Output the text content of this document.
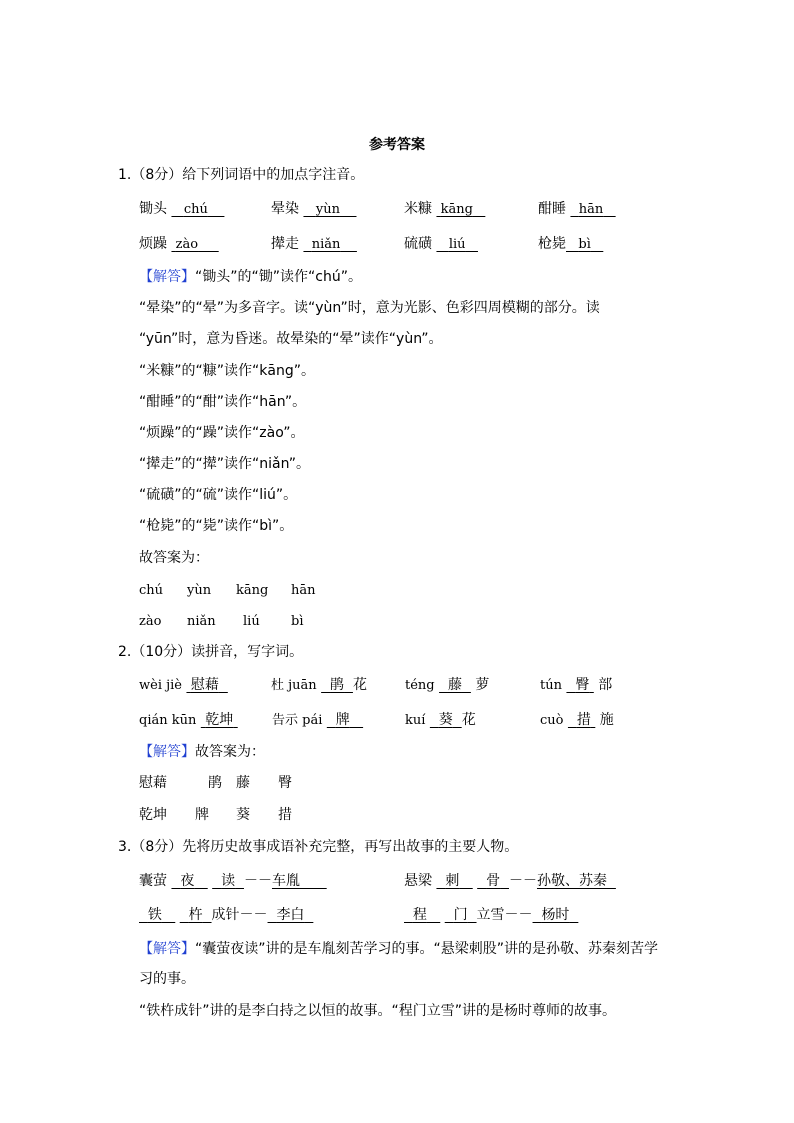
参考答案
1.（8分）给下列词语中的加点字注音。
锄头 chú	晕染 yùn	米糠 kāng	酣睡 hān
烦躁 zào	撵走 niǎn	硫磺 liú	枪毙 bì
【解答】“锄头”的“锄”读作“chú”。
“晕染”的“晕”为多音字。读“yùn”时，意为光影、色彩四周模糊的部分。读
“yūn”时，意为昏迷。故晕染的“晕”读作“yùn”。
“米糠”的“糠”读作“kāng”。
“酣睡”的“酣”读作“hān”。
“烦躁”的“躁”读作“zào”。
“撵走”的“撵”读作“niǎn”。
“硫磺”的“硫”读作“liú”。
“枪毙”的“毙”读作“bì”。
故答案为：
chú yùn kāng hān
zào niǎn liú bì
2.（10分）读拼音，写字词。
wèi jiè 慰藉	杜 juān 鹃 花	téng 藤 萝	tún 臀 部
qián kūn 乾坤	告示 pái 牌	kuí 葵 花	cuò 措 施
【解答】故答案为：
慰藉	鹃 藤 臀
乾坤 牌 葵 措
3.（8分）先将历史故事成语补充完整，再写出故事的主要人物。
囊萤 夜 读 －－车胤	悬梁 刺 骨 －－孙敬、苏秦
铁 杵 成针－－ 李白	程 门 立雪－－ 杨时
【解答】“囊萤夜读”讲的是车胤刻苦学习的事。“悬梁刺股”讲的是孙敬、苏秦刻苦学
习的事。
“铁杵成针”讲的是李白持之以恒的故事。“程门立雪”讲的是杨时尊师的故事。
